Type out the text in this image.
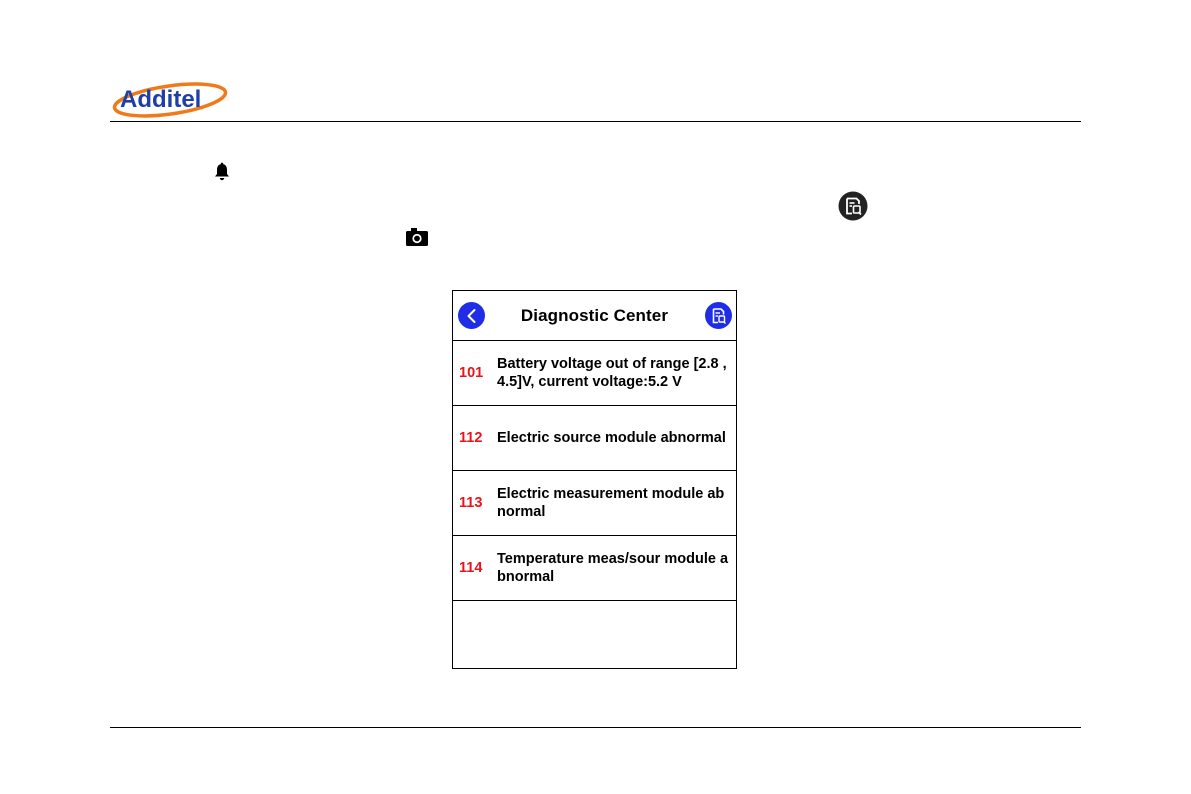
Additel
Diagnostic Center
101
Battery voltage out of range [2.8 ,4.5]V, current voltage:5.2 V
112	Electric source module abnormal
113
Electric measurement module ab normal
114
Temperature meas/sour module abnormal
